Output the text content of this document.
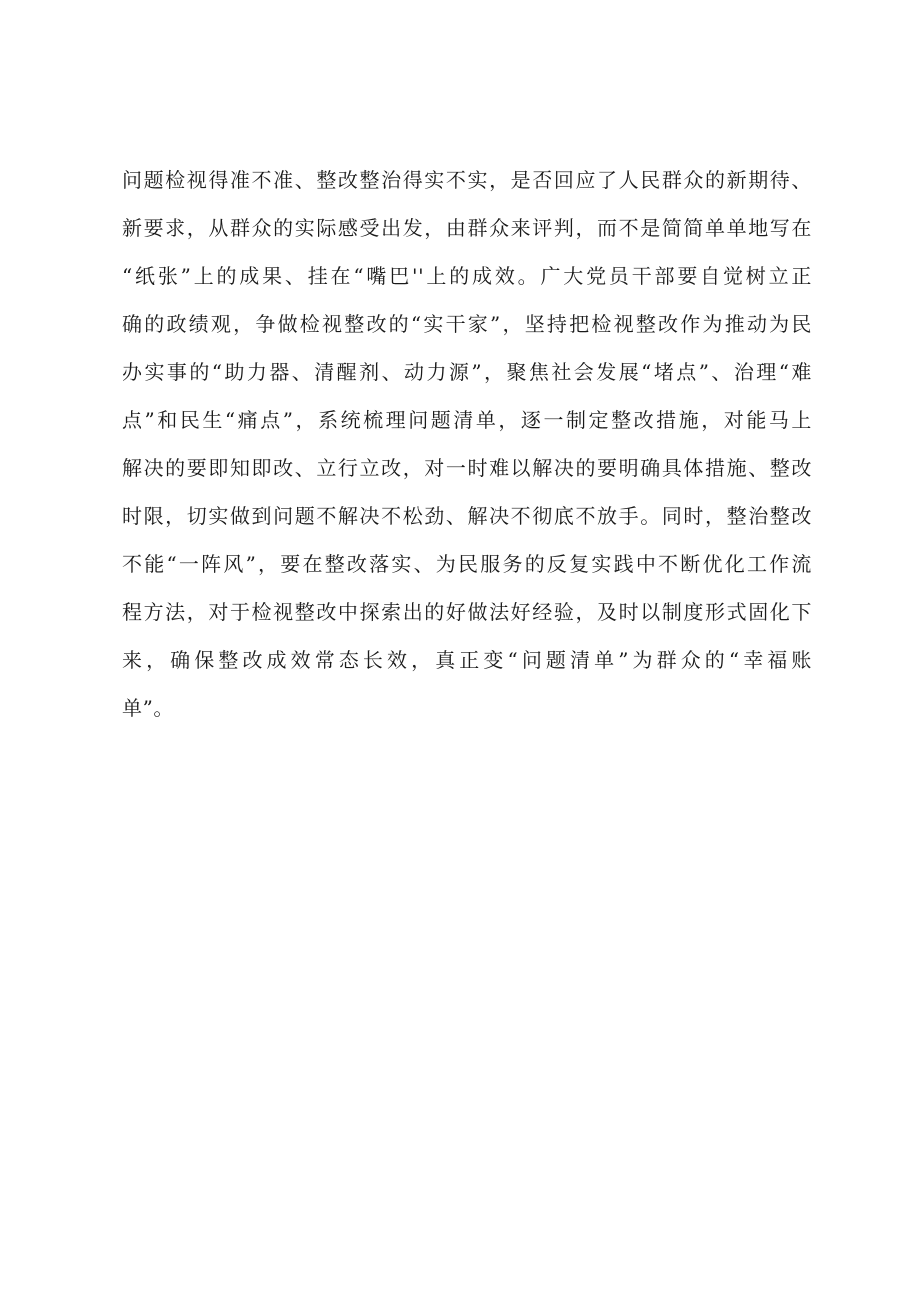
问题检视得准不准、整改整治得实不实，是否回应了人民群众的新期待、
新要求，从群众的实际感受出发，由群众来评判，而不是简简单单地写在
“纸张”上的成果、挂在“嘴巴''上的成效。广大党员干部要自觉树立正
确的政绩观，争做检视整改的“实干家”，坚持把检视整改作为推动为民
办实事的“助力器、清醒剂、动力源”，聚焦社会发展“堵点”、治理“难
点”和民生“痛点”，系统梳理问题清单，逐一制定整改措施，对能马上
解决的要即知即改、立行立改，对一时难以解决的要明确具体措施、整改
时限，切实做到问题不解决不松劲、解决不彻底不放手。同时，整治整改
不能“一阵风”，要在整改落实、为民服务的反复实践中不断优化工作流
程方法，对于检视整改中探索出的好做法好经验，及时以制度形式固化下
来，确保整改成效常态长效，真正变“问题清单”为群众的“幸福账
单”。
